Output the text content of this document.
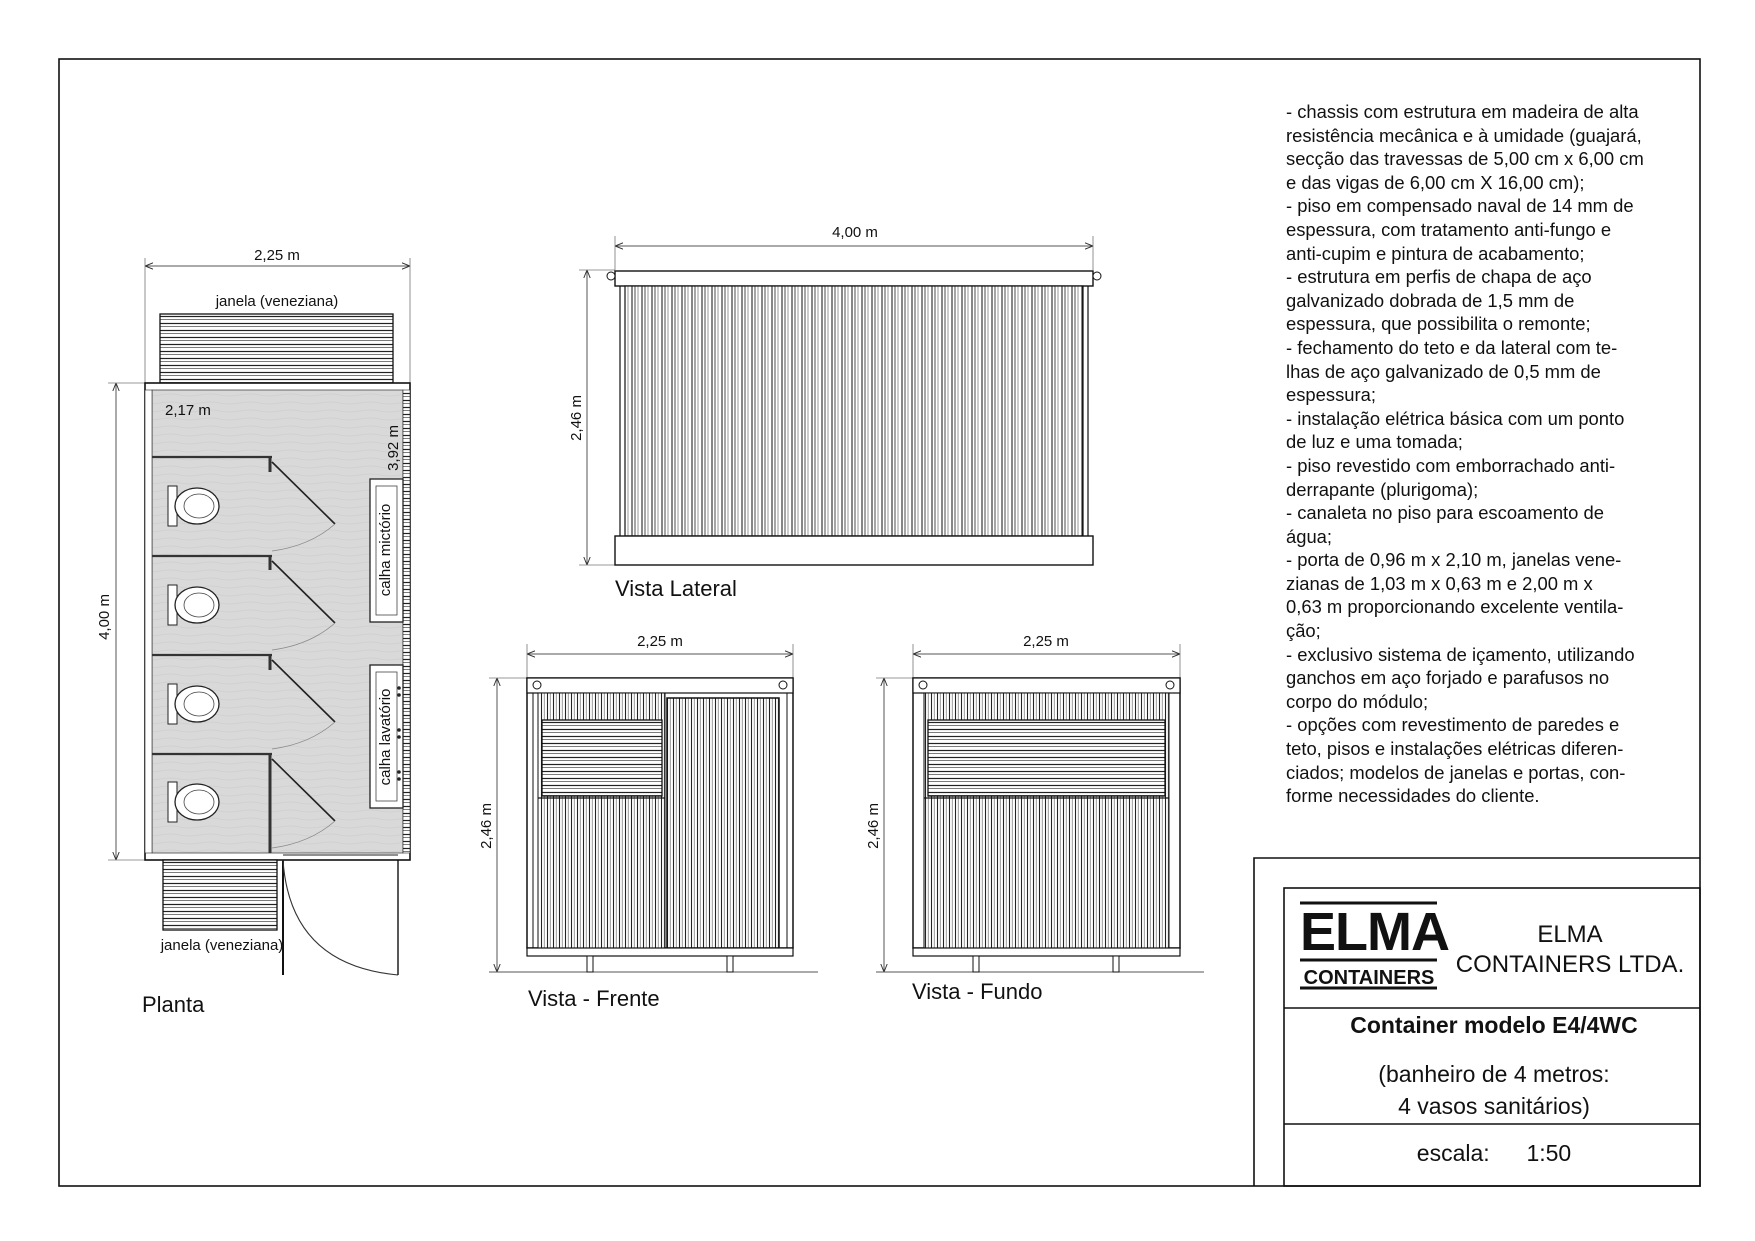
2,25 m
janela (veneziana)
4,00 m
2,17 m
3,92 m
calha mictório
calha lavatório
janela (veneziana)
Planta
4,00 m
2,46 m
Vista Lateral
2,25 m
2,46 m
Vista - Frente
2,25 m
2,46 m
Vista - Fundo
- chassis com estrutura em madeira de alta
resistência mecânica e à umidade (guajará,
secção das travessas de 5,00 cm x 6,00 cm
e das vigas de 6,00 cm X 16,00 cm);
- piso em compensado naval de 14 mm de
espessura, com tratamento anti-fungo e
anti-cupim e pintura de acabamento;
- estrutura em perfis de chapa de aço
galvanizado dobrada de 1,5 mm de
espessura, que possibilita o remonte;
- fechamento do teto e da lateral com te-
lhas de aço galvanizado de 0,5 mm de
espessura;
- instalação elétrica básica com um ponto
de luz e uma tomada;
- piso revestido com emborrachado anti-
derrapante (plurigoma);
- canaleta no piso para escoamento de
água;
- porta de 0,96 m x 2,10 m, janelas vene-
zianas de 1,03 m x 0,63 m e 2,00 m x
0,63 m proporcionando excelente ventila-
ção;
- exclusivo sistema de içamento, utilizando
ganchos em aço forjado e parafusos no
corpo do módulo;
- opções com revestimento de paredes e
teto, pisos e instalações elétricas diferen-
ciados; modelos de janelas e portas, con-
forme necessidades do cliente.
ELMA
CONTAINERS
ELMA
CONTAINERS LTDA.
Container modelo E4/4WC
(banheiro de 4 metros:
4 vasos sanitários)
escala: 1:50
